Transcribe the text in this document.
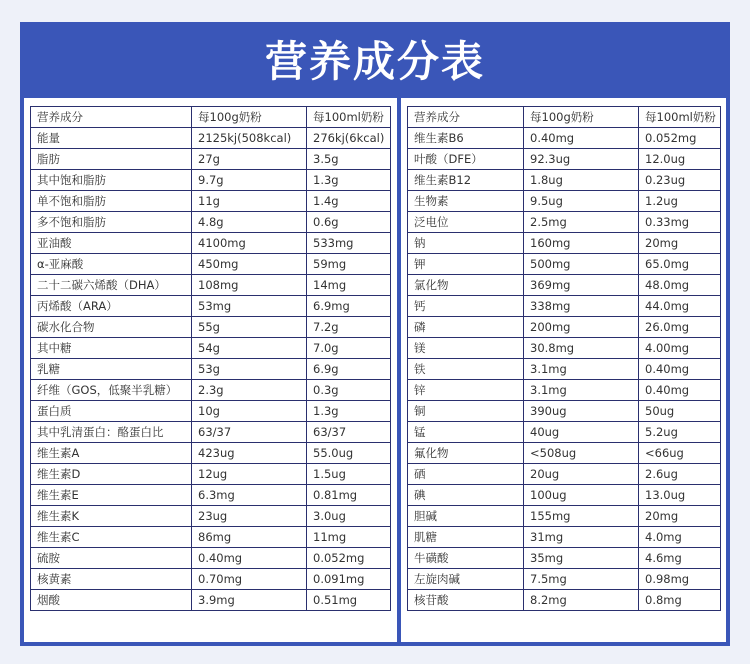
营养成分表
营养成分	每100g奶粉	每100ml奶粉
能量	2125kj(508kcal)	276kj(6kcal)
脂肪	27g	3.5g
其中饱和脂肪	9.7g	1.3g
单不饱和脂肪	11g	1.4g
多不饱和脂肪	4.8g	0.6g
亚油酸	4100mg	533mg
α-亚麻酸	450mg	59mg
二十二碳六烯酸（DHA）	108mg	14mg
丙烯酸（ARA）	53mg	6.9mg
碳水化合物	55g	7.2g
其中糖	54g	7.0g
乳糖	53g	6.9g
纤维（GOS，低聚半乳糖）	2.3g	0.3g
蛋白质	10g	1.3g
其中乳清蛋白：酪蛋白比	63/37	63/37
维生素A	423ug	55.0ug
维生素D	12ug	1.5ug
维生素E	6.3mg	0.81mg
维生素K	23ug	3.0ug
维生素C	86mg	11mg
硫胺	0.40mg	0.052mg
核黄素	0.70mg	0.091mg
烟酸	3.9mg	0.51mg
营养成分	每100g奶粉	每100ml奶粉
维生素B6	0.40mg	0.052mg
叶酸（DFE）	92.3ug	12.0ug
维生素B12	1.8ug	0.23ug
生物素	9.5ug	1.2ug
泛电位	2.5mg	0.33mg
钠	160mg	20mg
钾	500mg	65.0mg
氯化物	369mg	48.0mg
钙	338mg	44.0mg
磷	200mg	26.0mg
镁	30.8mg	4.00mg
铁	3.1mg	0.40mg
锌	3.1mg	0.40mg
铜	390ug	50ug
锰	40ug	5.2ug
氟化物	<508ug	<66ug
硒	20ug	2.6ug
碘	100ug	13.0ug
胆碱	155mg	20mg
肌糖	31mg	4.0mg
牛磺酸	35mg	4.6mg
左旋肉碱	7.5mg	0.98mg
核苷酸	8.2mg	0.8mg
